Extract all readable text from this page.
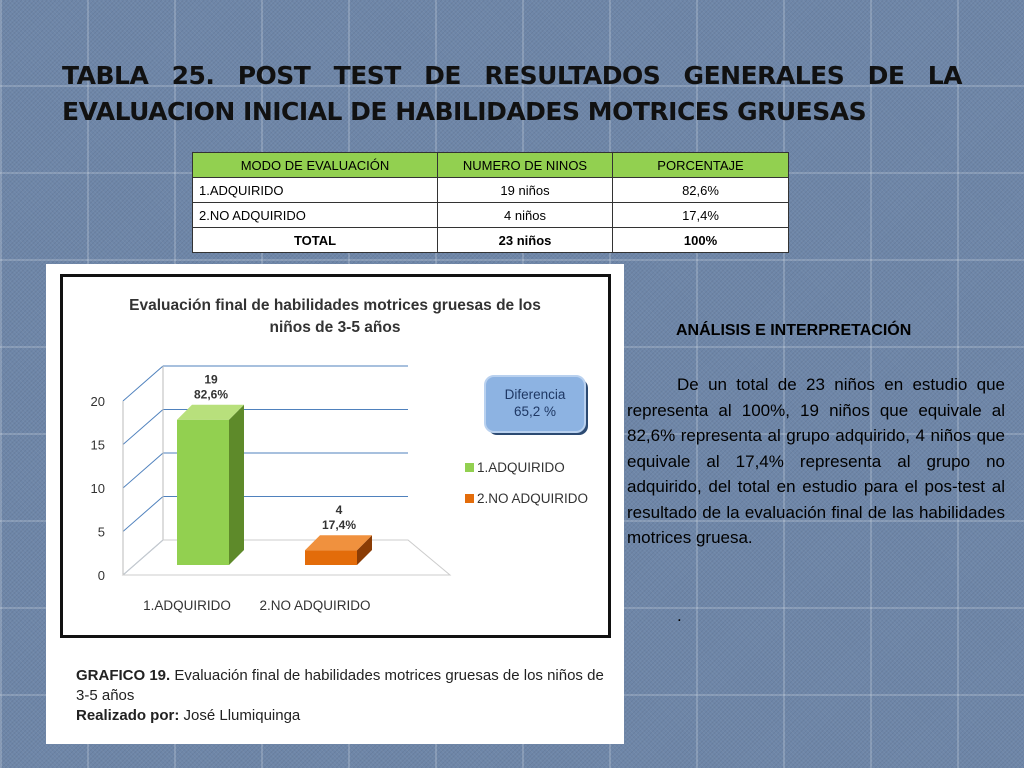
TABLA 25. POST TEST DE RESULTADOS GENERALES DE LA EVALUACION INICIAL DE HABILIDADES MOTRICES GRUESAS
MODO DE EVALUACIÓN	NUMERO DE NINOS	PORCENTAJE
1.ADQUIRIDO	19 niños	82,6%
2.NO ADQUIRIDO	4 niños	17,4%
TOTAL	23 niños	100%
Evaluación final de habilidades motrices gruesas de los
niños de 3-5 años
0
5
10
15
20
19
82,6%
1.ADQUIRIDO
4
17,4%
2.NO ADQUIRIDO
1.ADQUIRIDO
2.NO ADQUIRIDO
Diferencia
65,2 %
GRAFICO 19. Evaluación final de habilidades motrices gruesas de los niños de 3-5 años
Realizado por: José Llumiquinga
ANÁLISIS E INTERPRETACIÓN
De un total de 23 niños en estudio que representa al 100%, 19 niños que equivale al 82,6% representa al grupo adquirido, 4 niños que equivale al 17,4% representa al grupo no adquirido, del total en estudio para el pos-test al resultado de la evaluación final de las habilidades motrices gruesa.
.
